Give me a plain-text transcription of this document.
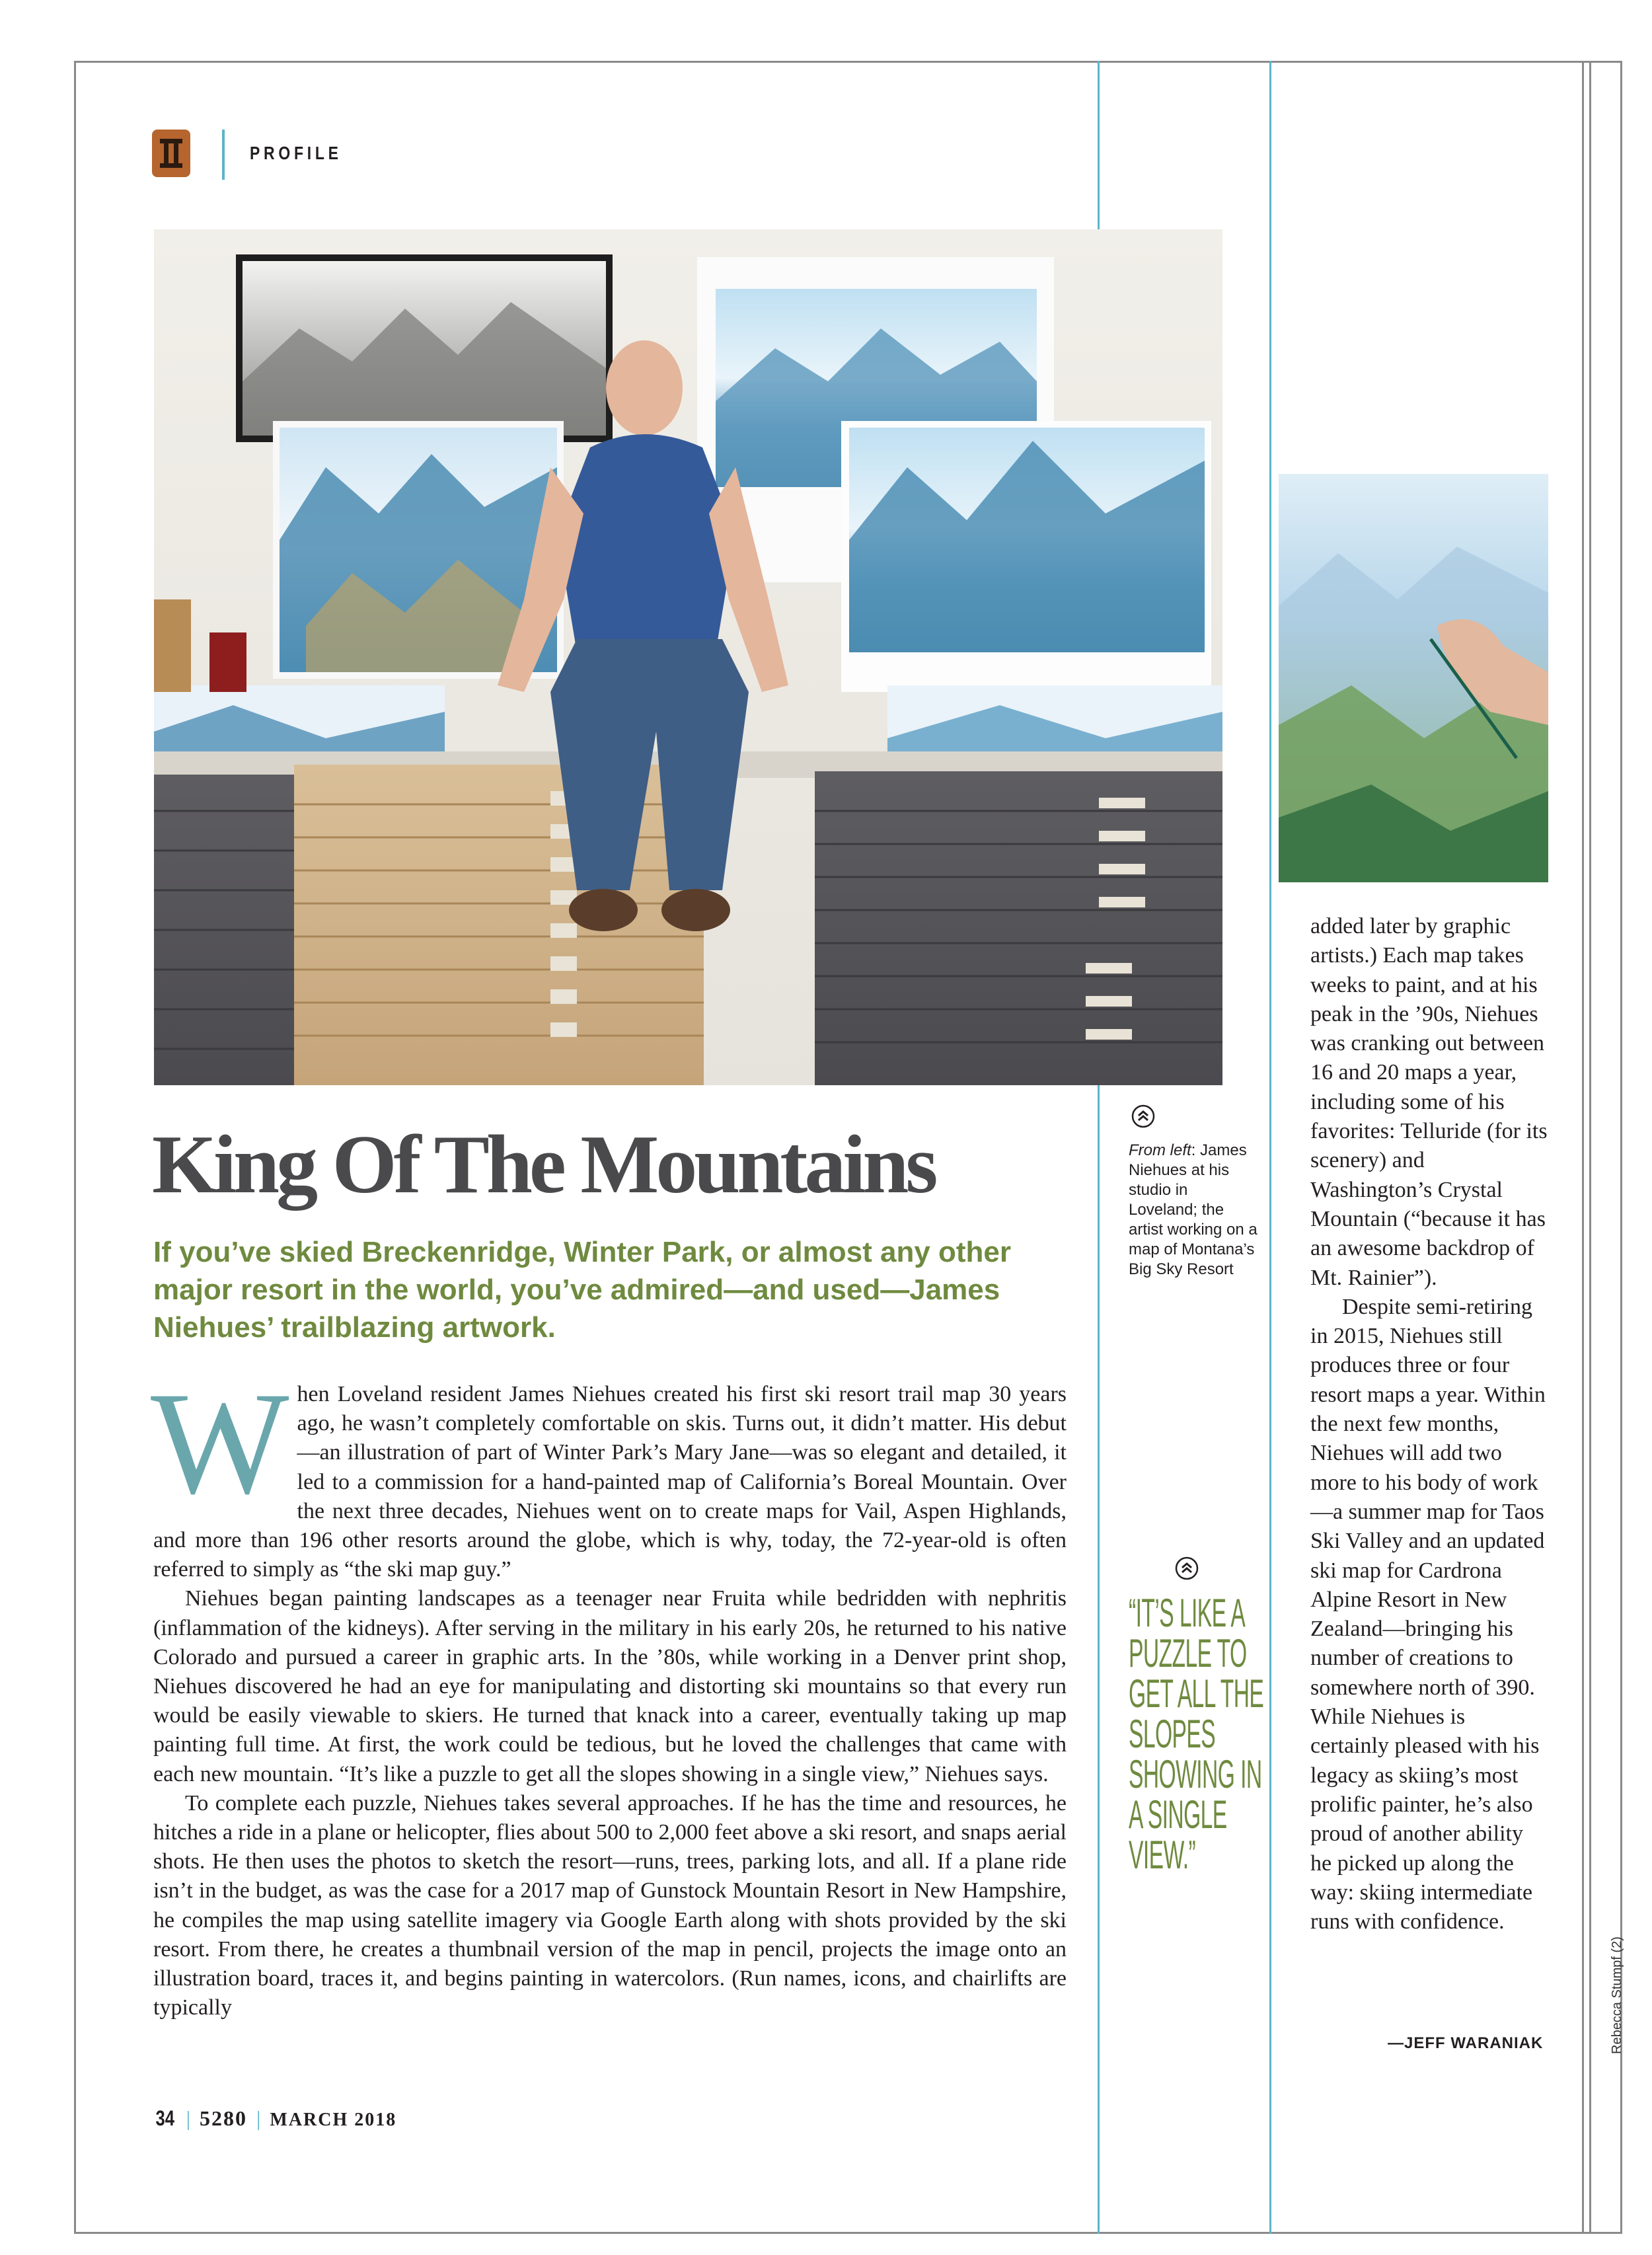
PROFILE
From left: James Niehues at his studio in Loveland; the artist working on a map of Montana’s Big Sky Resort
“IT’S LIKE A PUZZLE TO GET ALL THE SLOPES SHOWING IN A SINGLE VIEW.”
King Of The Mountains
If you’ve skied Breckenridge, Winter Park, or almost any other major resort in the world, you’ve admired—and used—James Niehues’ trailblazing artwork.

When Loveland resident James Niehues created his first ski resort trail map 30 years ago, he wasn’t completely comfortable on skis. Turns out, it didn’t matter. His debut—an illustration of part of Winter Park’s Mary Jane—was so elegant and detailed, it led to a commission for a hand-painted map of California’s Boreal Mountain. Over the next three decades, Niehues went on to create maps for Vail, Aspen Highlands, and more than 196 other resorts around the globe, which is why, today, the 72-year-old is often referred to simply as “the ski map guy.”

Niehues began painting landscapes as a teenager near Fruita while bedridden with nephritis (inflammation of the kidneys). After serving in the military in his early 20s, he returned to his native Colorado and pursued a career in graphic arts. In the ’80s, while working in a Denver print shop, Niehues discovered he had an eye for manipulating and distorting ski mountains so that every run would be easily viewable to skiers. He turned that knack into a career, eventually taking up map painting full time. At first, the work could be tedious, but he loved the challenges that came with each new mountain. “It’s like a puzzle to get all the slopes showing in a single view,” Niehues says.

To complete each puzzle, Niehues takes several approaches. If he has the time and resources, he hitches a ride in a plane or helicopter, flies about 500 to 2,000 feet above a ski resort, and snaps aerial shots. He then uses the photos to sketch the resort—runs, trees, parking lots, and all. If a plane ride isn’t in the budget, as was the case for a 2017 map of Gunstock Mountain Resort in New Hampshire, he compiles the map using satellite imagery via Google Earth along with shots provided by the ski resort. From there, he creates a thumbnail version of the map in pencil, projects the image onto an illustration board, traces it, and begins painting in watercolors. (Run names, icons, and chairlifts are typically

added later by graphic artists.) Each map takes weeks to paint, and at his peak in the ’90s, Niehues was cranking out between 16 and 20 maps a year, including some of his favorites: Telluride (for its scenery) and Washington’s Crystal Mountain (“because it has an awesome backdrop of Mt. Rainier”).

Despite semi-retiring in 2015, Niehues still produces three or four resort maps a year. Within the next few months, Niehues will add two more to his body of work—a summer map for Taos Ski Valley and an updated ski map for Cardrona Alpine Resort in New Zealand—bringing his number of creations to somewhere north of 390. While Niehues is certainly pleased with his legacy as skiing’s most prolific painter, he’s also proud of another ability he picked up along the way: skiing intermediate runs with confidence.

—JEFF WARANIAK	Rebecca Stumpf (2)
34 | 5280 | MARCH 2018
